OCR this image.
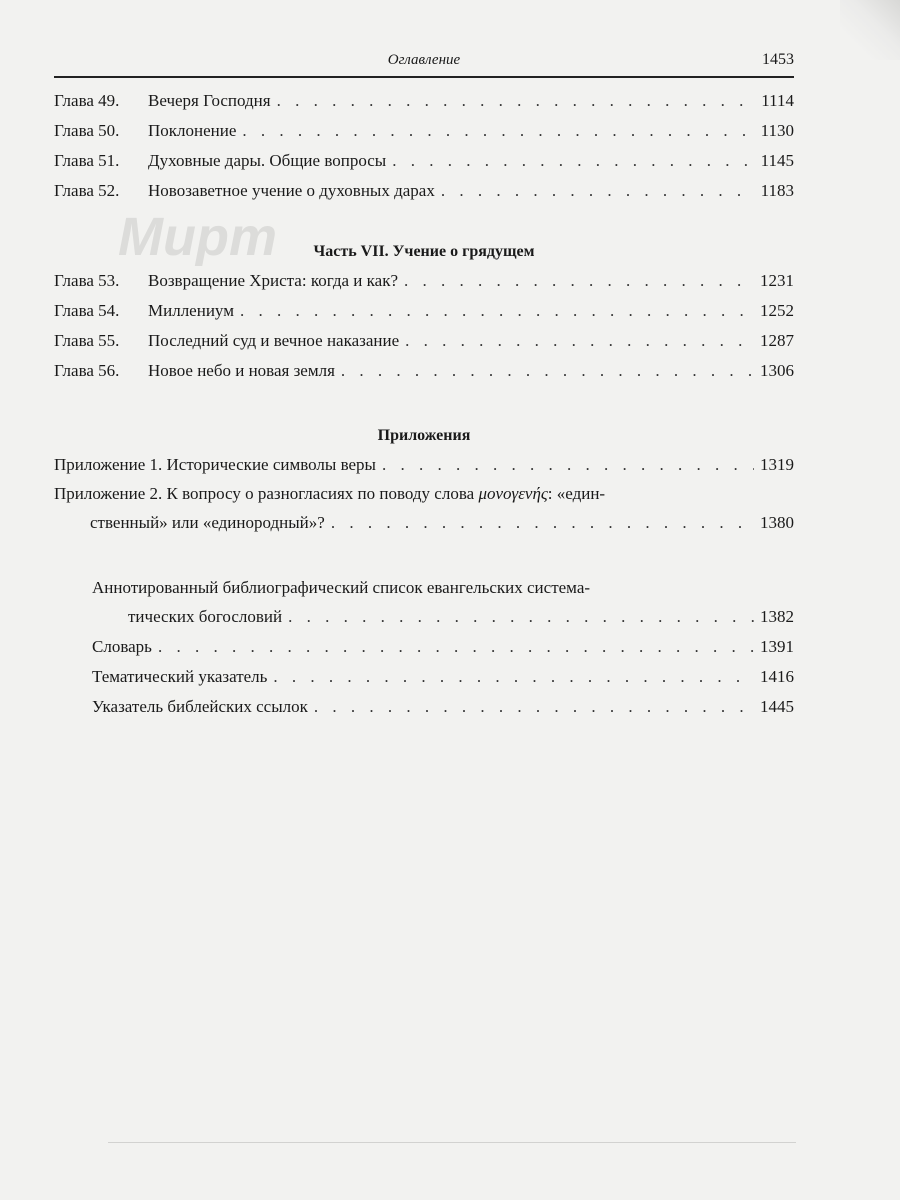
Мирт
Оглавление	1453
Глава 49.	Вечеря Господня . . .	1114
Глава 50.	Поклонение . . .	1130
Глава 51.	Духовные дары. Общие вопросы . . .	1145
Глава 52.	Новозаветное учение о духовных дарах . . .	1183
Часть VII. Учение о грядущем
Глава 53.	Возвращение Христа: когда и как? . . .	1231
Глава 54.	Миллениум . . .	1252
Глава 55.	Последний суд и вечное наказание . . .	1287
Глава 56.	Новое небо и новая земля . . .	1306
Приложения
Приложение 1. Исторические символы веры . . .	1319
Приложение 2. К вопросу о разногласиях по поводу слова μονογενής: «един-
ственный» или «единородный»? . . .	1380
Аннотированный библиографический список евангельских система-
тических богословий . . .	1382
Словарь . . .	1391
Тематический указатель . . .	1416
Указатель библейских ссылок . . .	1445
